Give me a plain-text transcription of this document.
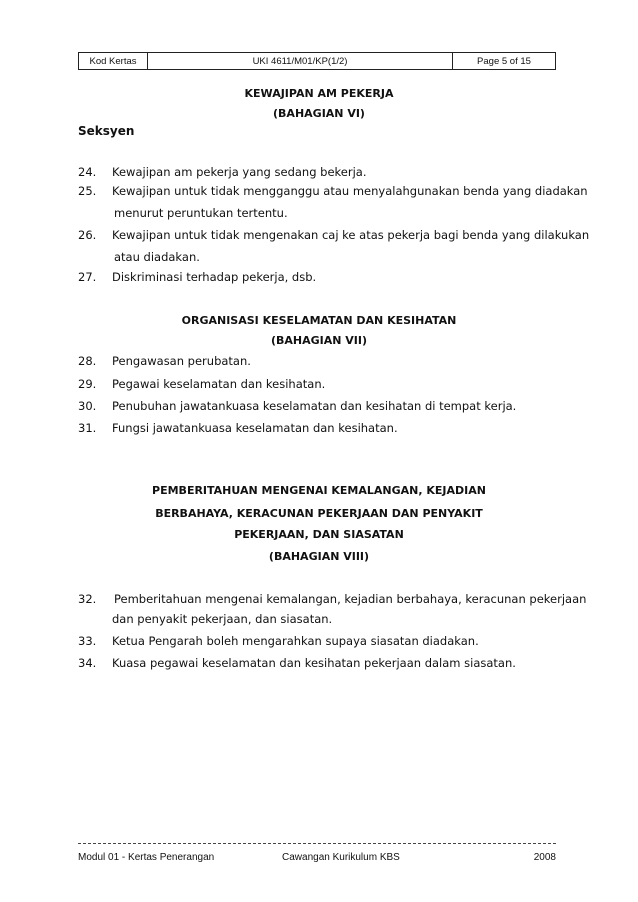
Kod Kertas	UKI 4611/M01/KP(1/2)	Page 5 of 15
KEWAJIPAN AM PEKERJA
(BAHAGIAN VI)
Seksyen
24. Kewajipan am pekerja yang sedang bekerja.
25. Kewajipan untuk tidak mengganggu atau menyalahgunakan benda yang diadakan
menurut peruntukan tertentu.
26. Kewajipan untuk tidak mengenakan caj ke atas pekerja bagi benda yang dilakukan
atau diadakan.
27. Diskriminasi terhadap pekerja, dsb.
ORGANISASI KESELAMATAN DAN KESIHATAN
(BAHAGIAN VII)
28. Pengawasan perubatan.
29. Pegawai keselamatan dan kesihatan.
30. Penubuhan jawatankuasa keselamatan dan kesihatan di tempat kerja.
31. Fungsi jawatankuasa keselamatan dan kesihatan.
PEMBERITAHUAN MENGENAI KEMALANGAN, KEJADIAN
BERBAHAYA, KERACUNAN PEKERJAAN DAN PENYAKIT
PEKERJAAN, DAN SIASATAN
(BAHAGIAN VIII)
32. Pemberitahuan mengenai kemalangan, kejadian berbahaya, keracunan pekerjaan
dan penyakit pekerjaan, dan siasatan.
33. Ketua Pengarah boleh mengarahkan supaya siasatan diadakan.
34. Kuasa pegawai keselamatan dan kesihatan pekerjaan dalam siasatan.
Modul 01 - Kertas Penerangan	Cawangan Kurikulum KBS	2008
